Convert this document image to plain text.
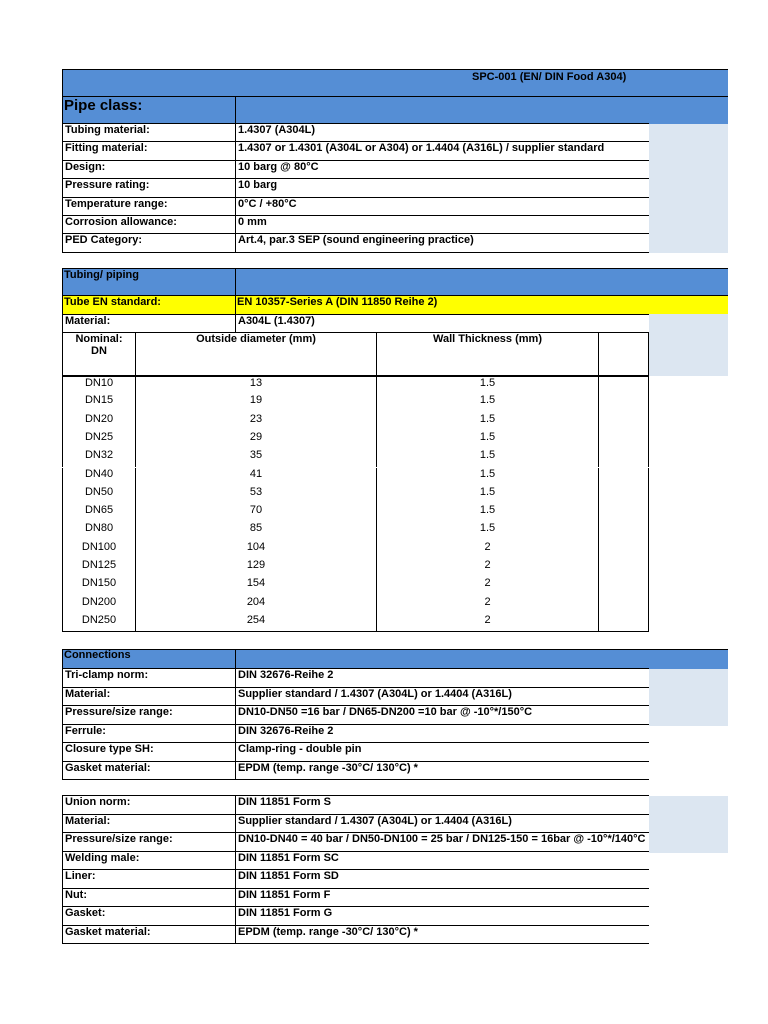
SPC-001 (EN/ DIN Food A304)
Pipe class:
Tubing material:	1.4307 (A304L)
Fitting material:	1.4307 or 1.4301 (A304L or A304) or 1.4404 (A316L) / supplier standard
Design:	10 barg @ 80°C
Pressure rating:	10 barg
Temperature range:	0°C / +80°C
Corrosion allowance:	0 mm
PED Category:	Art.4, par.3 SEP (sound engineering practice)
Tubing/ piping
Tube EN standard:	EN 10357-Series A (DIN 11850 Reihe 2)
Material:	A304L (1.4307)
Nominal:
DN
Outside diameter (mm)	Wall Thickness (mm)
DN10	13	1.5
DN15	19	1.5
DN20	23	1.5
DN25	29	1.5
DN32	35	1.5
DN40	41	1.5
DN50	53	1.5
DN65	70	1.5
DN80	85	1.5
DN100	104	2
DN125	129	2
DN150	154	2
DN200	204	2
DN250	254	2
Connections
Tri-clamp norm:	DIN 32676-Reihe 2
Material:	Supplier standard / 1.4307 (A304L) or 1.4404 (A316L)
Pressure/size range:	DN10-DN50 =16 bar / DN65-DN200 =10 bar @ -10°*/150°C
Ferrule:	DIN 32676-Reihe 2
Closure type SH:	Clamp-ring - double pin
Gasket material:	EPDM (temp. range -30°C/ 130°C) *
Union norm:	DIN 11851 Form S
Material:	Supplier standard / 1.4307 (A304L) or 1.4404 (A316L)
Pressure/size range:	DN10-DN40 = 40 bar / DN50-DN100 = 25 bar / DN125-150 = 16bar @ -10°*/140°C
Welding male:	DIN 11851 Form SC
Liner:	DIN 11851 Form SD
Nut:	DIN 11851 Form F
Gasket:	DIN 11851 Form G
Gasket material:	EPDM (temp. range -30°C/ 130°C) *
